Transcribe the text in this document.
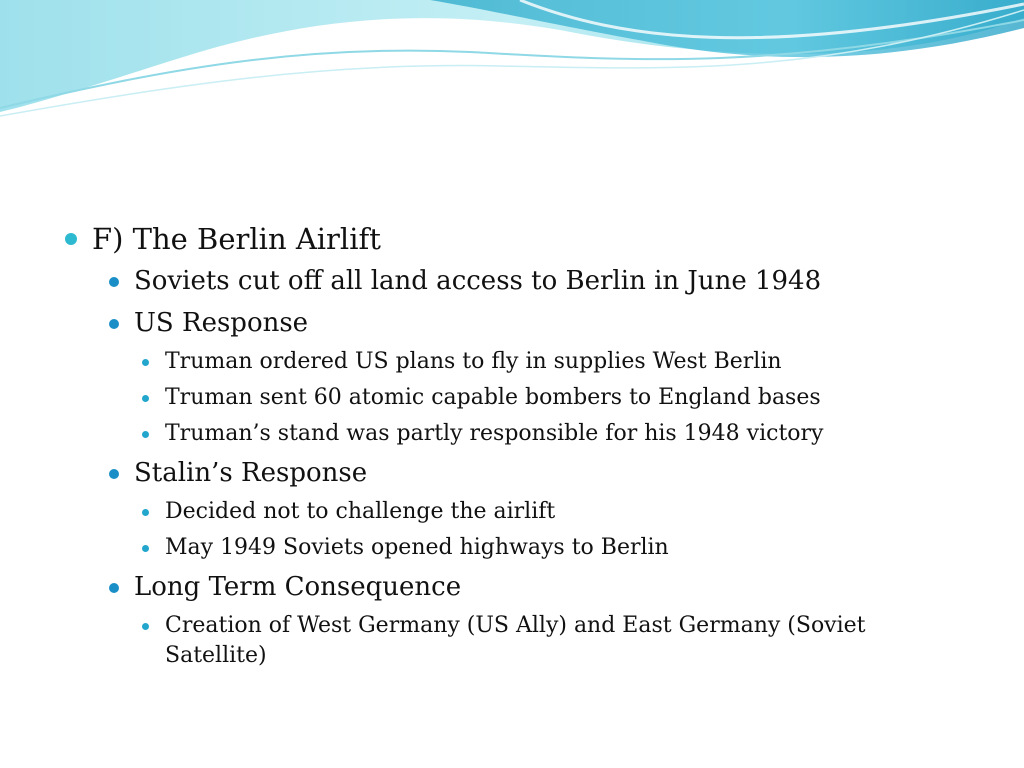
F) The Berlin Airlift
Soviets cut off all land access to Berlin in June 1948
US Response
Truman ordered US plans to fly in supplies West Berlin
Truman sent 60 atomic capable bombers to England bases
Truman’s stand was partly responsible for his 1948 victory
Stalin’s Response
Decided not to challenge the airlift
May 1949 Soviets opened highways to Berlin
Long Term Consequence
Creation of West Germany (US Ally) and East Germany (Soviet Satellite)
